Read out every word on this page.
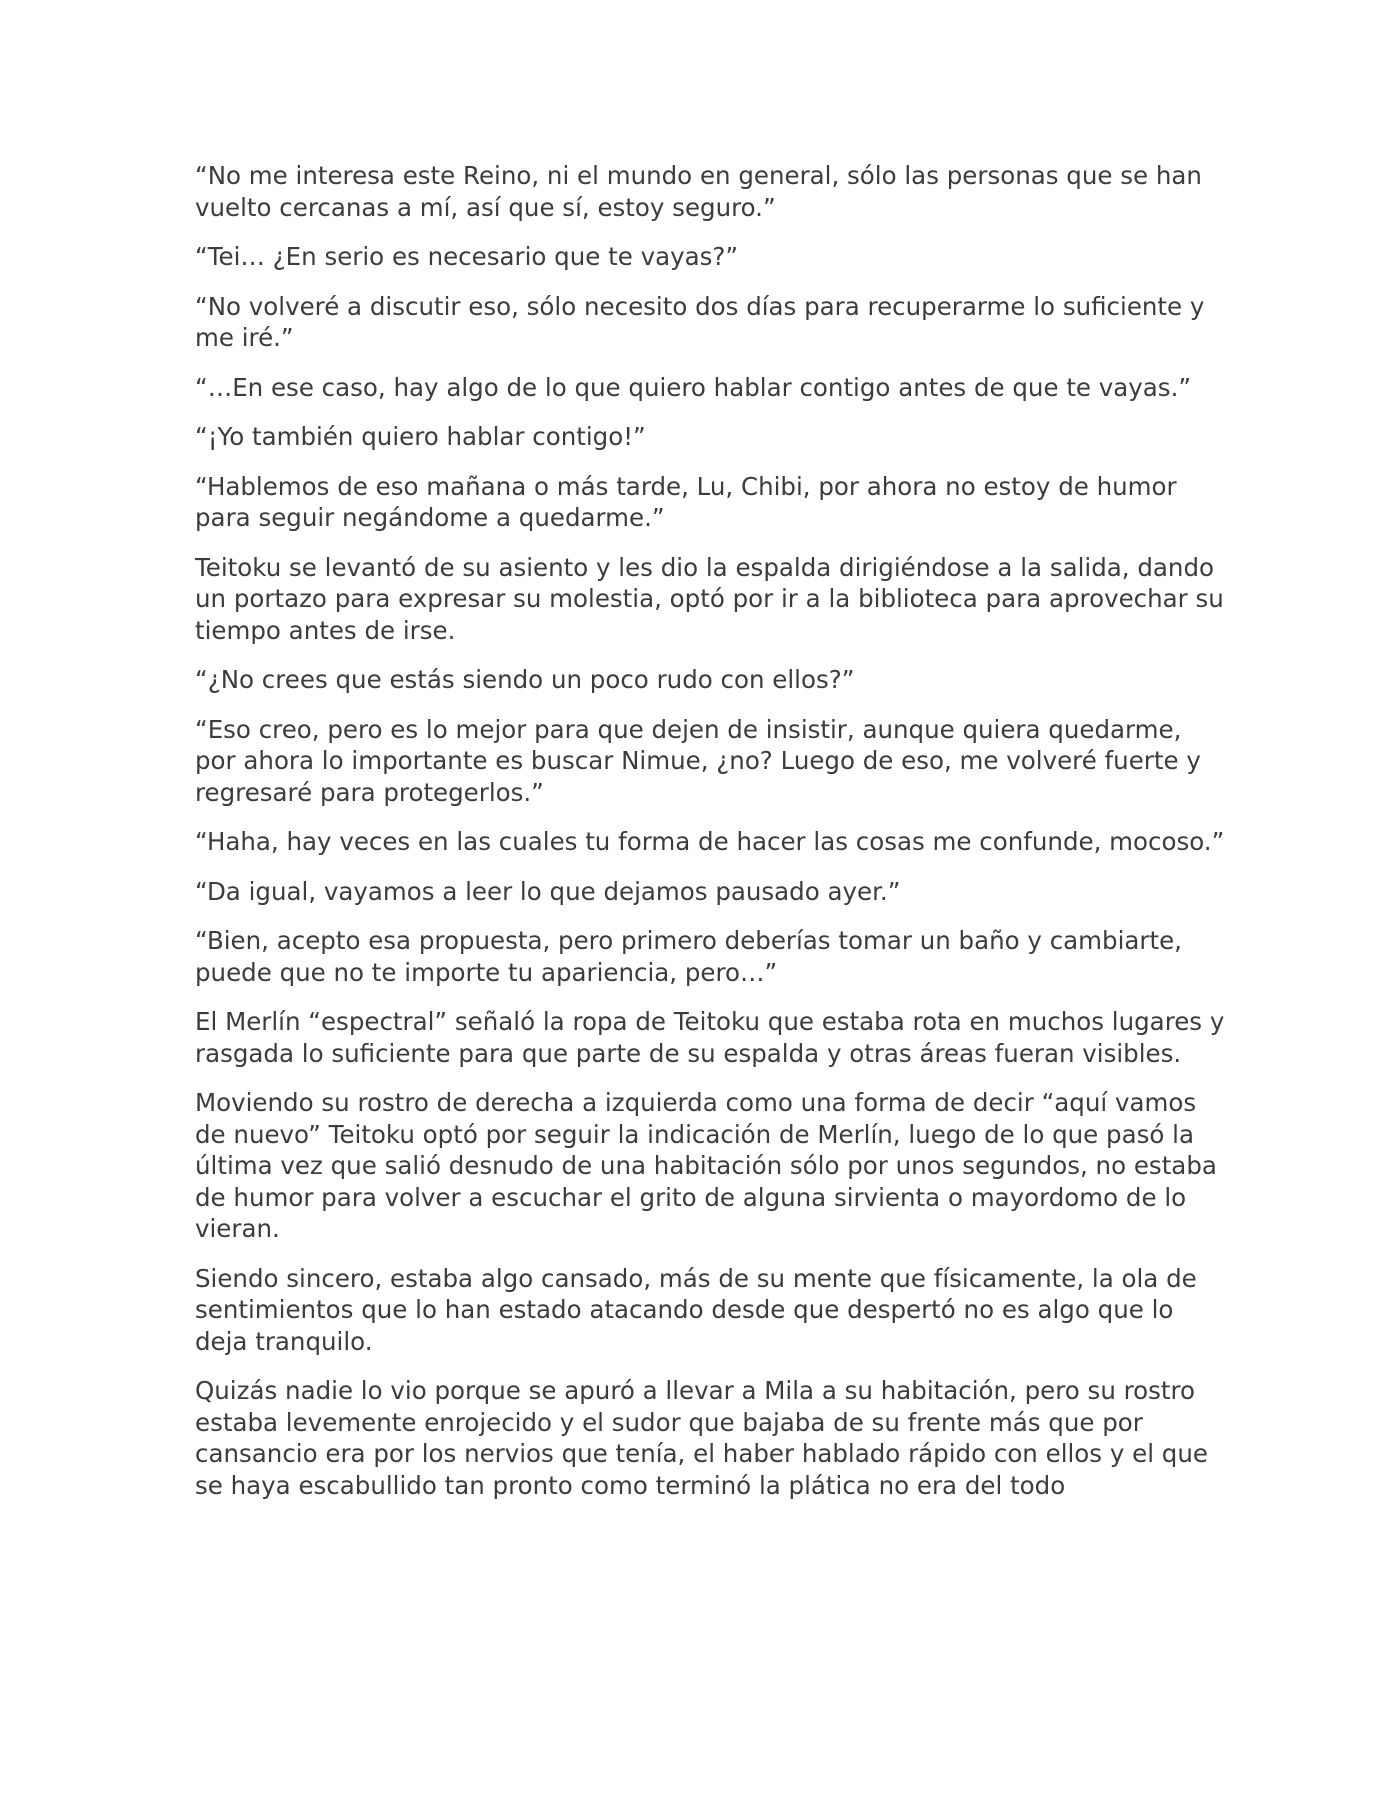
“No me interesa este Reino, ni el mundo en general, sólo las personas que se han vuelto cercanas a mí, así que sí, estoy seguro.”

“Tei… ¿En serio es necesario que te vayas?”

“No volveré a discutir eso, sólo necesito dos días para recuperarme lo suficiente y me iré.”

“…En ese caso, hay algo de lo que quiero hablar contigo antes de que te vayas.”

“¡Yo también quiero hablar contigo!”

“Hablemos de eso mañana o más tarde, Lu, Chibi, por ahora no estoy de humor para seguir negándome a quedarme.”

Teitoku se levantó de su asiento y les dio la espalda dirigiéndose a la salida, dando un portazo para expresar su molestia, optó por ir a la biblioteca para aprovechar su tiempo antes de irse.

“¿No crees que estás siendo un poco rudo con ellos?”

“Eso creo, pero es lo mejor para que dejen de insistir, aunque quiera quedarme, por ahora lo importante es buscar Nimue, ¿no? Luego de eso, me volveré fuerte y regresaré para protegerlos.”

“Haha, hay veces en las cuales tu forma de hacer las cosas me confunde, mocoso.”

“Da igual, vayamos a leer lo que dejamos pausado ayer.”

“Bien, acepto esa propuesta, pero primero deberías tomar un baño y cambiarte, puede que no te importe tu apariencia, pero…”

El Merlín “espectral” señaló la ropa de Teitoku que estaba rota en muchos lugares y rasgada lo suficiente para que parte de su espalda y otras áreas fueran visibles.

Moviendo su rostro de derecha a izquierda como una forma de decir “aquí vamos de nuevo” Teitoku optó por seguir la indicación de Merlín, luego de lo que pasó la última vez que salió desnudo de una habitación sólo por unos segundos, no estaba de humor para volver a escuchar el grito de alguna sirvienta o mayordomo de lo vieran.

Siendo sincero, estaba algo cansado, más de su mente que físicamente, la ola de sentimientos que lo han estado atacando desde que despertó no es algo que lo deja tranquilo.

Quizás nadie lo vio porque se apuró a llevar a Mila a su habitación, pero su rostro estaba levemente enrojecido y el sudor que bajaba de su frente más que por cansancio era por los nervios que tenía, el haber hablado rápido con ellos y el que se haya escabullido tan pronto como terminó la plática no era del todo
